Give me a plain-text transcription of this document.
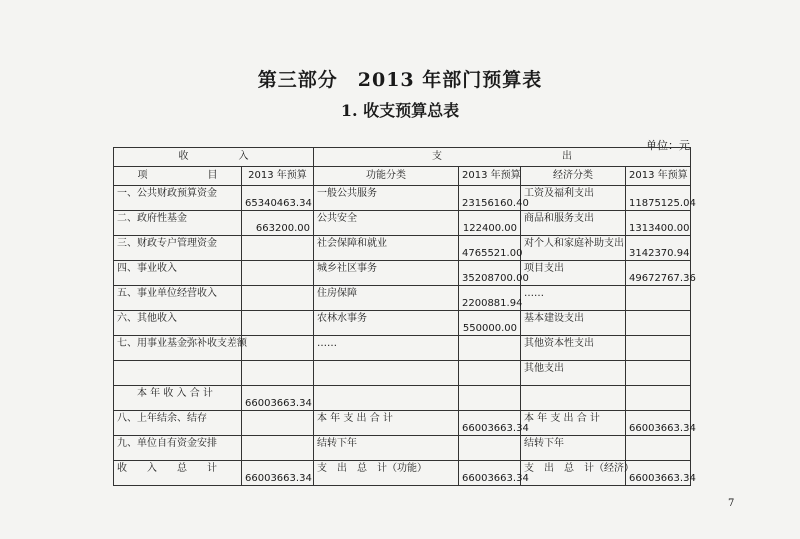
第三部分　2013 年部门预算表
1. 收支预算总表
单位：元
收　　　　　入		支　　　　　　　　　　　　出			
项　　　　　　目	2013 年预算	功能分类	2013 年预算	经济分类	2013 年预算
一、公共财政预算资金	65340463.34	一般公共服务	23156160.40	工资及福利支出	11875125.04
二、政府性基金	663200.00	公共安全	122400.00	商品和服务支出	1313400.00
三、财政专户管理资金		社会保障和就业	4765521.00	对个人和家庭补助支出	3142370.94
四、事业收入		城乡社区事务	35208700.00	项目支出	49672767.36
五、事业单位经营收入		住房保障	2200881.94	……	
六、其他收入		农林水事务	550000.00	基本建设支出	
七、用事业基金弥补收支差额		……		其他资本性支出	
				其他支出	
　　本 年 收 入 合 计	66003663.34				
八、上年结余、结存		本 年 支 出 合 计	66003663.34	本 年 支 出 合 计	66003663.34
九、单位自有资金安排		结转下年		结转下年	
收　　入　　总　　计	66003663.34	支　出　总　计（功能）	66003663.34	支　出　总　计（经济）	66003663.34
7
